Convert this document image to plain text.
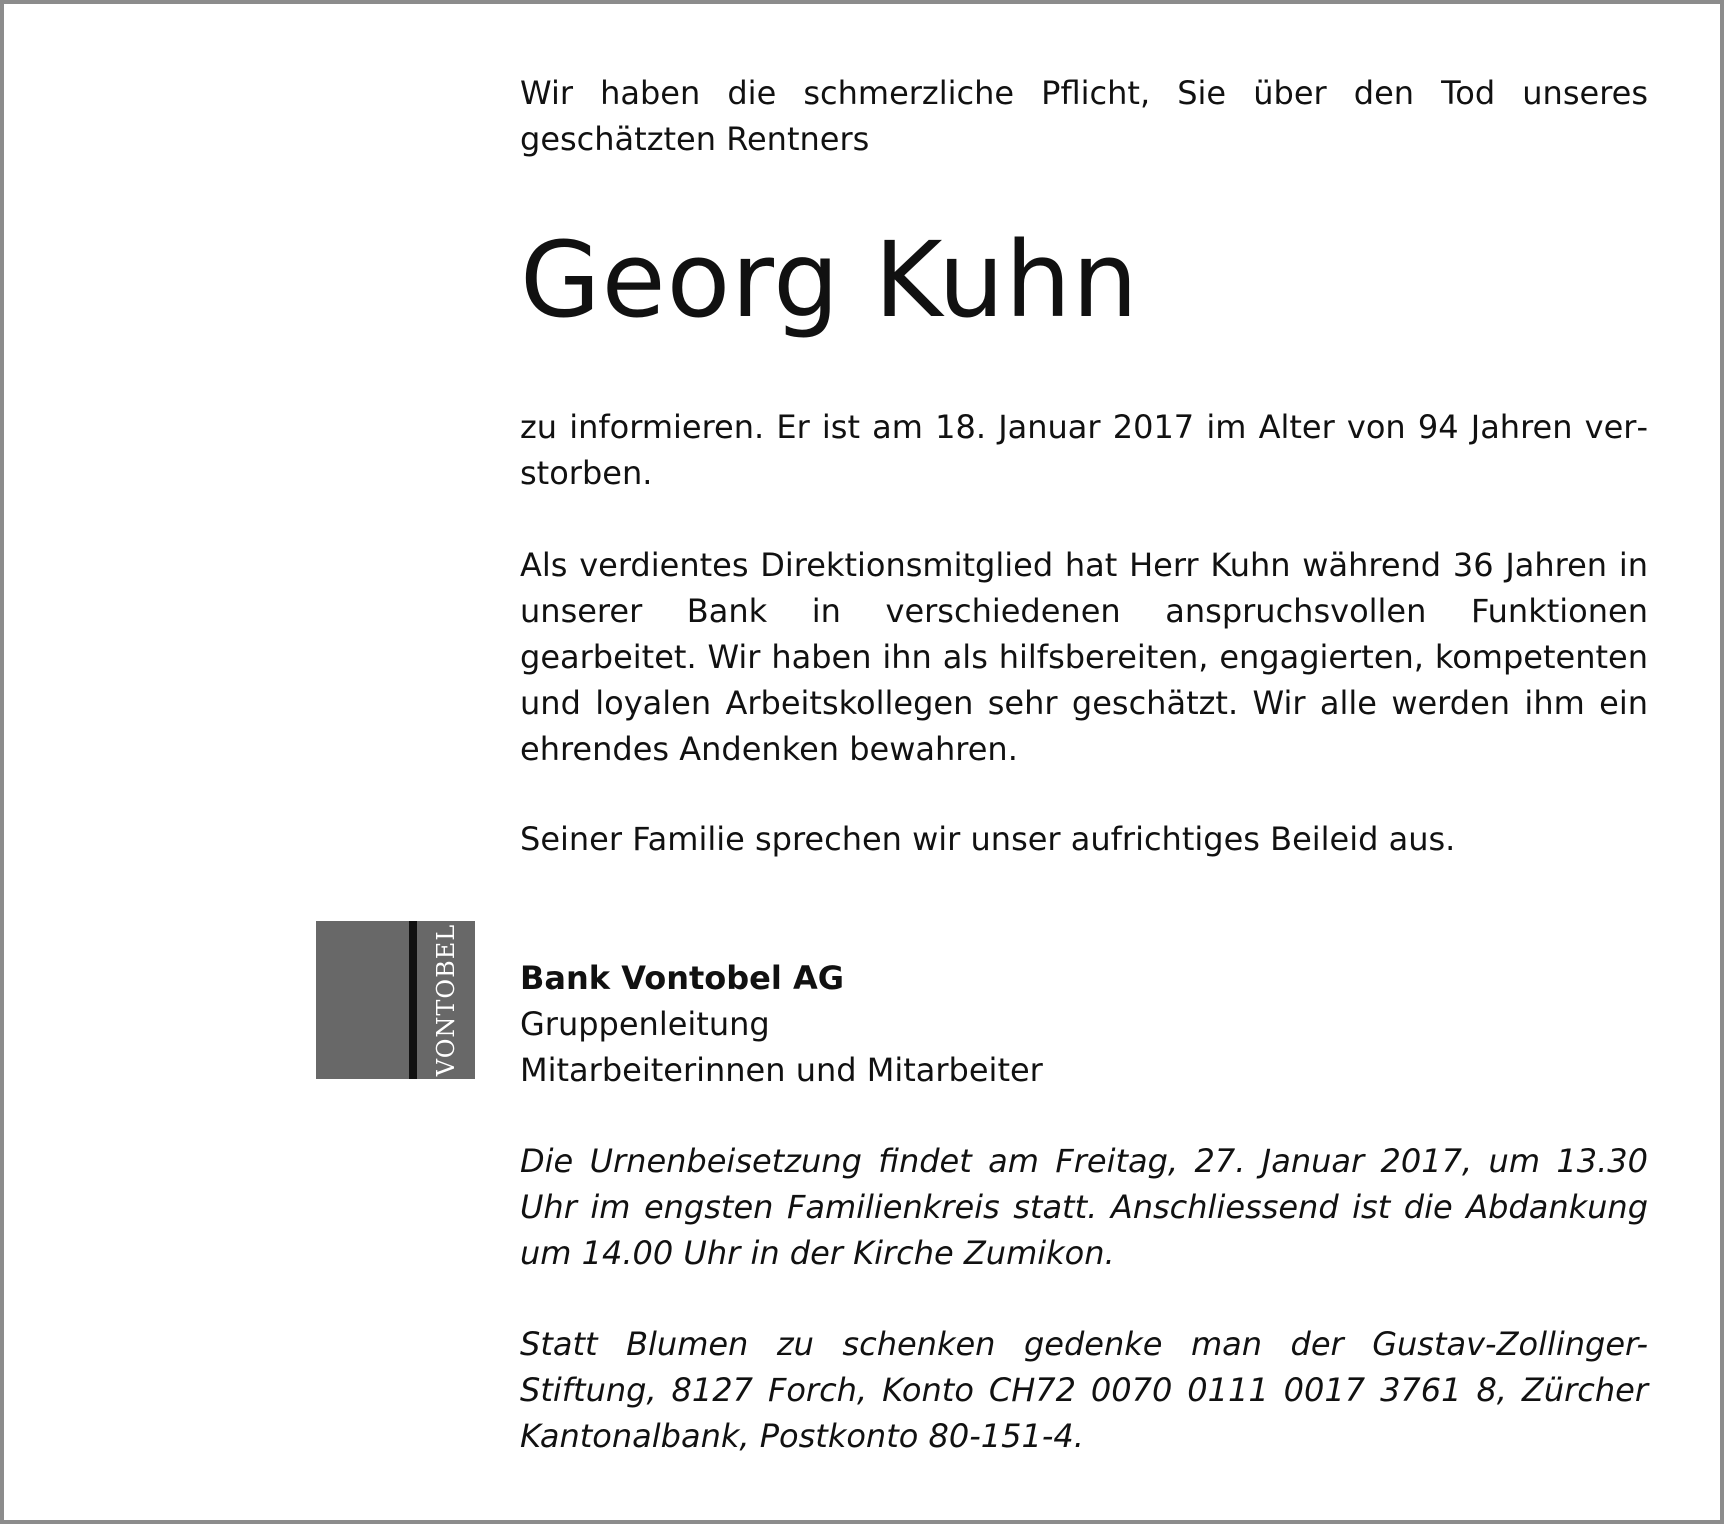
Wir haben die schmerzliche Pflicht, Sie über den Tod unseres geschätzten Rentners

Georg Kuhn

zu informieren. Er ist am 18. Januar 2017 im Alter von 94 Jahren verstorben.

Als verdientes Direktionsmitglied hat Herr Kuhn während 36 Jahren in unserer Bank in verschiedenen anspruchsvollen Funktionen gearbeitet. Wir haben ihn als hilfsbereiten, engagierten, kompetenten und loyalen Arbeitskollegen sehr geschätzt. Wir alle werden ihm ein ehrendes Andenken bewahren.

Seiner Familie sprechen wir unser aufrichtiges Beileid aus.

VONTOBEL Bank Vontobel AG
Gruppenleitung
Mitarbeiterinnen und Mitarbeiter

Die Urnenbeisetzung findet am Freitag, 27. Januar 2017, um 13.30 Uhr im engsten Familienkreis statt. Anschliessend ist die Abdankung um 14.00 Uhr in der Kirche Zumikon.

Statt Blumen zu schenken gedenke man der Gustav-Zollinger-Stiftung, 8127 Forch, Konto CH72 0070 0111 0017 3761 8, Zürcher Kantonalbank, Postkonto 80-151-4.
